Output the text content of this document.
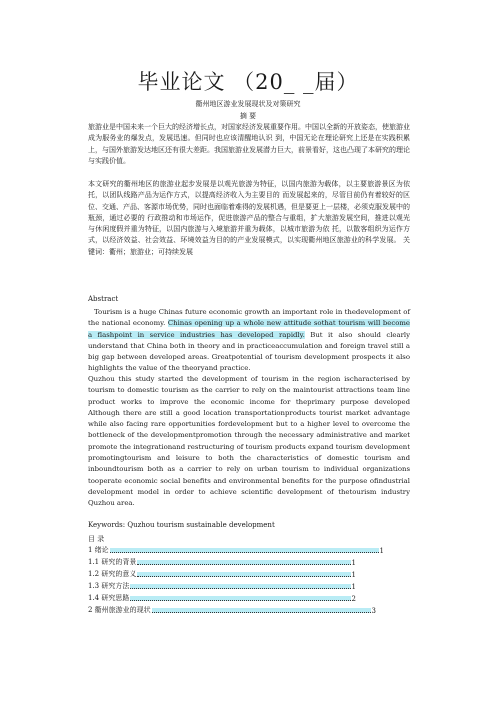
毕业论文 （20_ _届）
衢州地区游业发展现状及对策研究
摘 要
旅游业是中国未来一个巨大的经济增长点，对国家经济发展重要作用。中国以全新的开放姿态，使旅游业成为服务业的爆发点，发展迅速。但同时也应该清醒地认识 到，中国无论在理论研究上还是在实践积累上，与国外旅游发达地区还有很大差距。我国旅游业发展潜力巨大，前景看好，这也凸现了本研究的理论与实践价值。
本文研究的衢州地区的旅游业起步发展是以观光旅游为特征，以国内旅游为载体，以主要旅游景区为依托，以团队线路产品为运作方式，以提高经济收入为主要目的 而发展起来的，尽管目前仍有着较好的区位、交通、产品、客源市场优势，同时也面临着难得的发展机遇，但是要更上一层楼，必须克服发展中的瓶颈，通过必要的 行政推动和市场运作，促进旅游产品的整合与重组，扩大旅游发展空间，推进以观光与休闲度假并重为特征，以国内旅游与入境旅游并重为载体，以城市旅游为依 托，以散客组织为运作方式，以经济效益、社会效益、环境效益为目的的产业发展模式，以实现衢州地区旅游业的科学发展。 关键词：衢州；旅游业；可持续发展
Abstract
Tourism is a huge Chinas future economic growth an important role in thedevelopment of the national economy. Chinas opening up a whole new attitude sothat tourism will become a flashpoint in service industries has developed rapidly. But it also should clearly understand that China both in theory and in practiceaccumulation and foreign travel still a big gap between developed areas. Greatpotential of tourism development prospects it also highlights the value of the theoryand practice.
Quzhou this study started the development of tourism in the region ischaracterised by tourism to domestic tourism as the carrier to rely on the maintourist attractions team line product works to improve the economic income for theprimary purpose developed Although there are still a good location transportationproducts tourist market advantage while also facing rare opportunities fordevelopment but to a higher level to overcome the bottleneck of the developmentpromotion through the necessary administrative and market promote the integrationand restructuring of tourism products expand tourism development promotingtourism and leisure to both the characteristics of domestic tourism and inboundtourism both as a carrier to rely on urban tourism to individual organizations tooperate economic social benefits and environmental benefits for the purpose ofindustrial development model in order to achieve scientific development of thetourism industry Quzhou area.
Keywords: Quzhou tourism sustainable development
目 录
1 绪论	1
1.1 研究的背景	1
1.2 研究的意义	1
1.3 研究方法	1
1.4 研究思路	2
2 衢州旅游业的现状	3
